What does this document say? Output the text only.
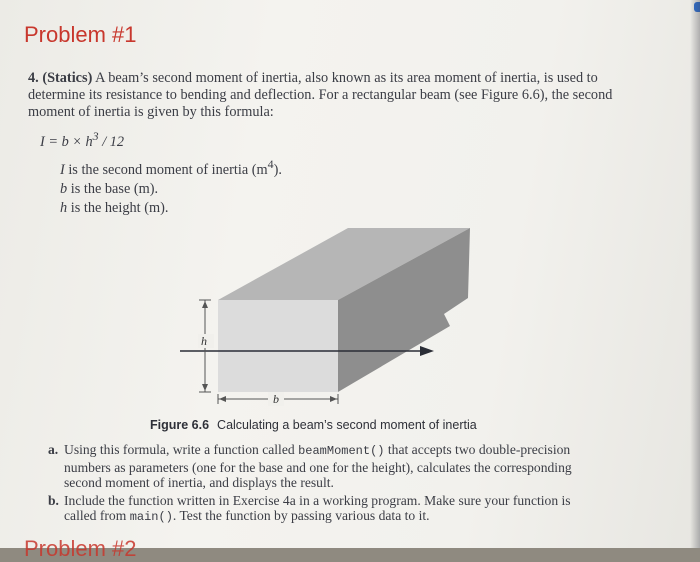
Problem #1
4. (Statics) A beam’s second moment of inertia, also known as its area moment of inertia, is used to determine its resistance to bending and deflection. For a rectangular beam (see Figure 6.6), the second moment of inertia is given by this formula:
$I = b \times h^3 / 12$
I is the second moment of inertia $(m^4)$.
b is the base (m).
h is the height (m).
h
b

Figure 6.6 Calculating a beam’s second moment of inertia

a. Using this formula, write a function called beamMoment() that accepts two double-precision numbers as parameters (one for the base and one for the height), calculates the corresponding second moment of inertia, and displays the result.
b. Include the function written in Exercise 4a in a working program. Make sure your function is called from main(). Test the function by passing various data to it.
Problem #2
